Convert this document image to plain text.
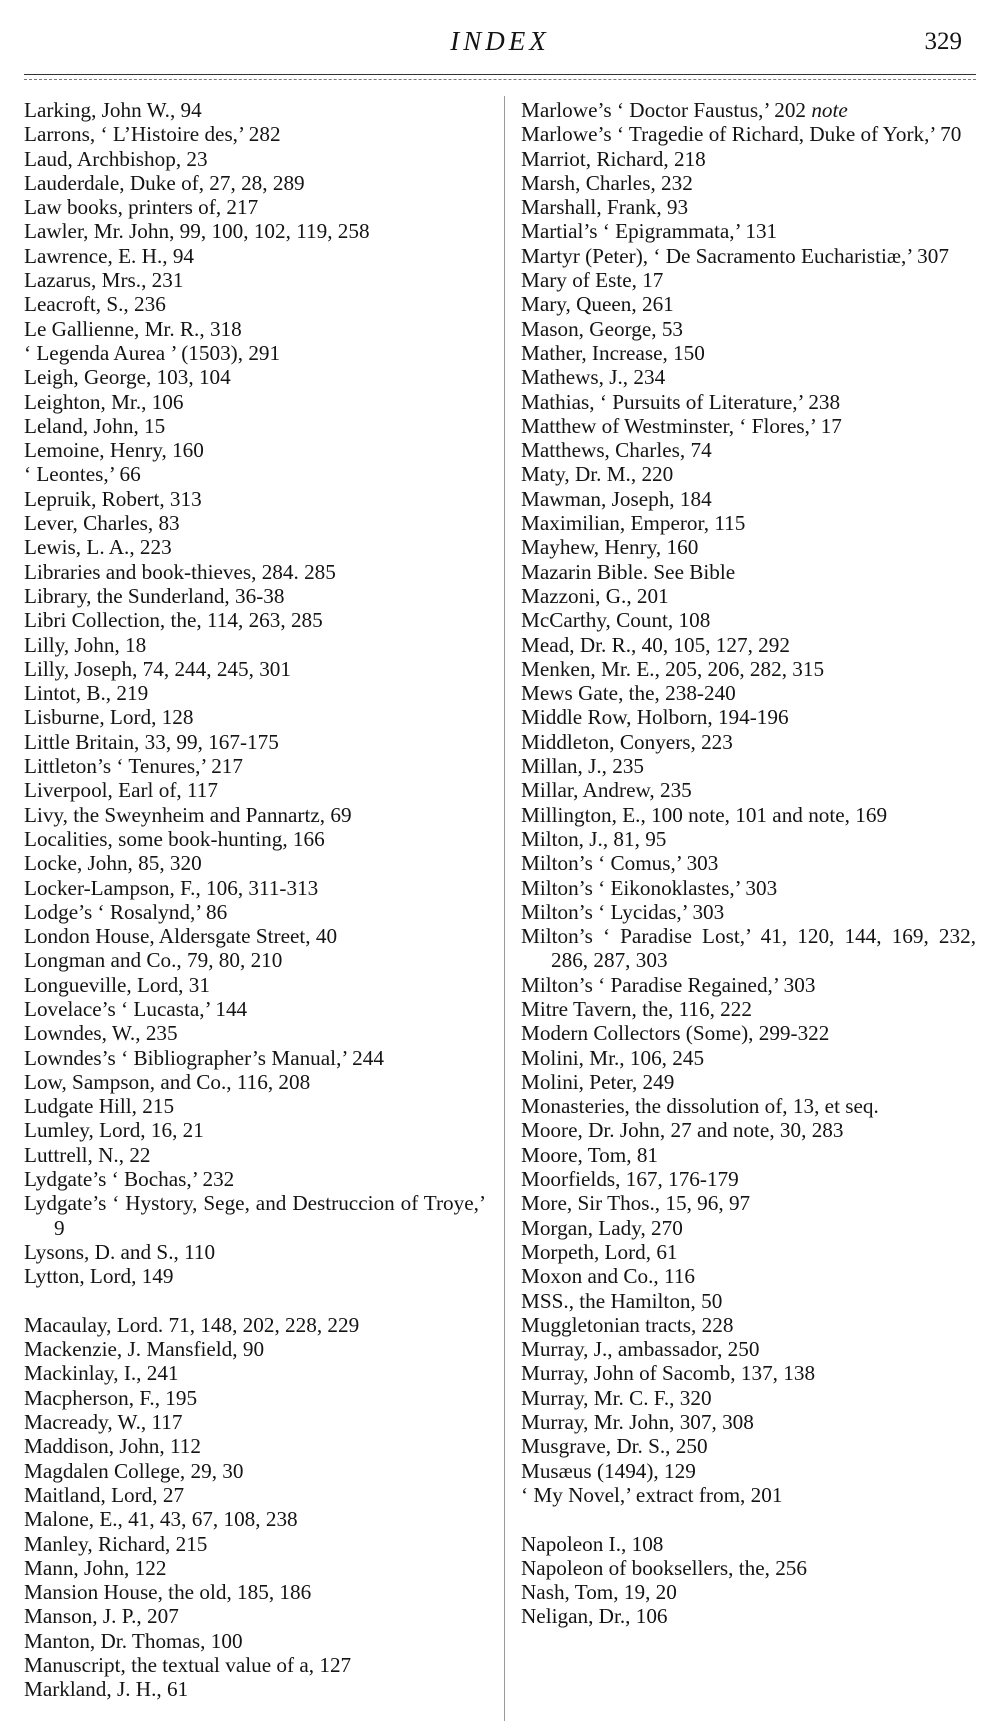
INDEX	329
Larking, John W., 94
Larrons, ‘ L’Histoire des,’ 282
Laud, Archbishop, 23
Lauderdale, Duke of, 27, 28, 289
Law books, printers of, 217
Lawler, Mr. John, 99, 100, 102, 119, 258
Lawrence, E. H., 94
Lazarus, Mrs., 231
Leacroft, S., 236
Le Gallienne, Mr. R., 318
‘ Legenda Aurea ’ (1503), 291
Leigh, George, 103, 104
Leighton, Mr., 106
Leland, John, 15
Lemoine, Henry, 160
‘ Leontes,’ 66
Lepruik, Robert, 313
Lever, Charles, 83
Lewis, L. A., 223
Libraries and book-thieves, 284. 285
Library, the Sunderland, 36-38
Libri Collection, the, 114, 263, 285
Lilly, John, 18
Lilly, Joseph, 74, 244, 245, 301
Lintot, B., 219
Lisburne, Lord, 128
Little Britain, 33, 99, 167-175
Littleton’s ‘ Tenures,’ 217
Liverpool, Earl of, 117
Livy, the Sweynheim and Pannartz, 69
Localities, some book-hunting, 166
Locke, John, 85, 320
Locker-Lampson, F., 106, 311-313
Lodge’s ‘ Rosalynd,’ 86
London House, Aldersgate Street, 40
Longman and Co., 79, 80, 210
Longueville, Lord, 31
Lovelace’s ‘ Lucasta,’ 144
Lowndes, W., 235
Lowndes’s ‘ Bibliographer’s Manual,’ 244
Low, Sampson, and Co., 116, 208
Ludgate Hill, 215
Lumley, Lord, 16, 21
Luttrell, N., 22
Lydgate’s ‘ Bochas,’ 232
Lydgate’s ‘ Hystory, Sege, and Destruccion of Troye,’ 9
Lysons, D. and S., 110
Lytton, Lord, 149
Macaulay, Lord. 71, 148, 202, 228, 229
Mackenzie, J. Mansfield, 90
Mackinlay, I., 241
Macpherson, F., 195
Macready, W., 117
Maddison, John, 112
Magdalen College, 29, 30
Maitland, Lord, 27
Malone, E., 41, 43, 67, 108, 238
Manley, Richard, 215
Mann, John, 122
Mansion House, the old, 185, 186
Manson, J. P., 207
Manton, Dr. Thomas, 100
Manuscript, the textual value of a, 127
Markland, J. H., 61
Marlowe’s ‘ Doctor Faustus,’ 202 note
Marlowe’s ‘ Tragedie of Richard, Duke of York,’ 70
Marriot, Richard, 218
Marsh, Charles, 232
Marshall, Frank, 93
Martial’s ‘ Epigrammata,’ 131
Martyr (Peter), ‘ De Sacramento Eucharistiæ,’ 307
Mary of Este, 17
Mary, Queen, 261
Mason, George, 53
Mather, Increase, 150
Mathews, J., 234
Mathias, ‘ Pursuits of Literature,’ 238
Matthew of Westminster, ‘ Flores,’ 17
Matthews, Charles, 74
Maty, Dr. M., 220
Mawman, Joseph, 184
Maximilian, Emperor, 115
Mayhew, Henry, 160
Mazarin Bible. See Bible
Mazzoni, G., 201
McCarthy, Count, 108
Mead, Dr. R., 40, 105, 127, 292
Menken, Mr. E., 205, 206, 282, 315
Mews Gate, the, 238-240
Middle Row, Holborn, 194-196
Middleton, Conyers, 223
Millan, J., 235
Millar, Andrew, 235
Millington, E., 100 note, 101 and note, 169
Milton, J., 81, 95
Milton’s ‘ Comus,’ 303
Milton’s ‘ Eikonoklastes,’ 303
Milton’s ‘ Lycidas,’ 303
Milton’s ‘ Paradise Lost,’ 41, 120, 144, 169, 232, 286, 287, 303
Milton’s ‘ Paradise Regained,’ 303
Mitre Tavern, the, 116, 222
Modern Collectors (Some), 299-322
Molini, Mr., 106, 245
Molini, Peter, 249
Monasteries, the dissolution of, 13, et seq.
Moore, Dr. John, 27 and note, 30, 283
Moore, Tom, 81
Moorfields, 167, 176-179
More, Sir Thos., 15, 96, 97
Morgan, Lady, 270
Morpeth, Lord, 61
Moxon and Co., 116
MSS., the Hamilton, 50
Muggletonian tracts, 228
Murray, J., ambassador, 250
Murray, John of Sacomb, 137, 138
Murray, Mr. C. F., 320
Murray, Mr. John, 307, 308
Musgrave, Dr. S., 250
Musæus (1494), 129
‘ My Novel,’ extract from, 201
Napoleon I., 108
Napoleon of booksellers, the, 256
Nash, Tom, 19, 20
Neligan, Dr., 106
